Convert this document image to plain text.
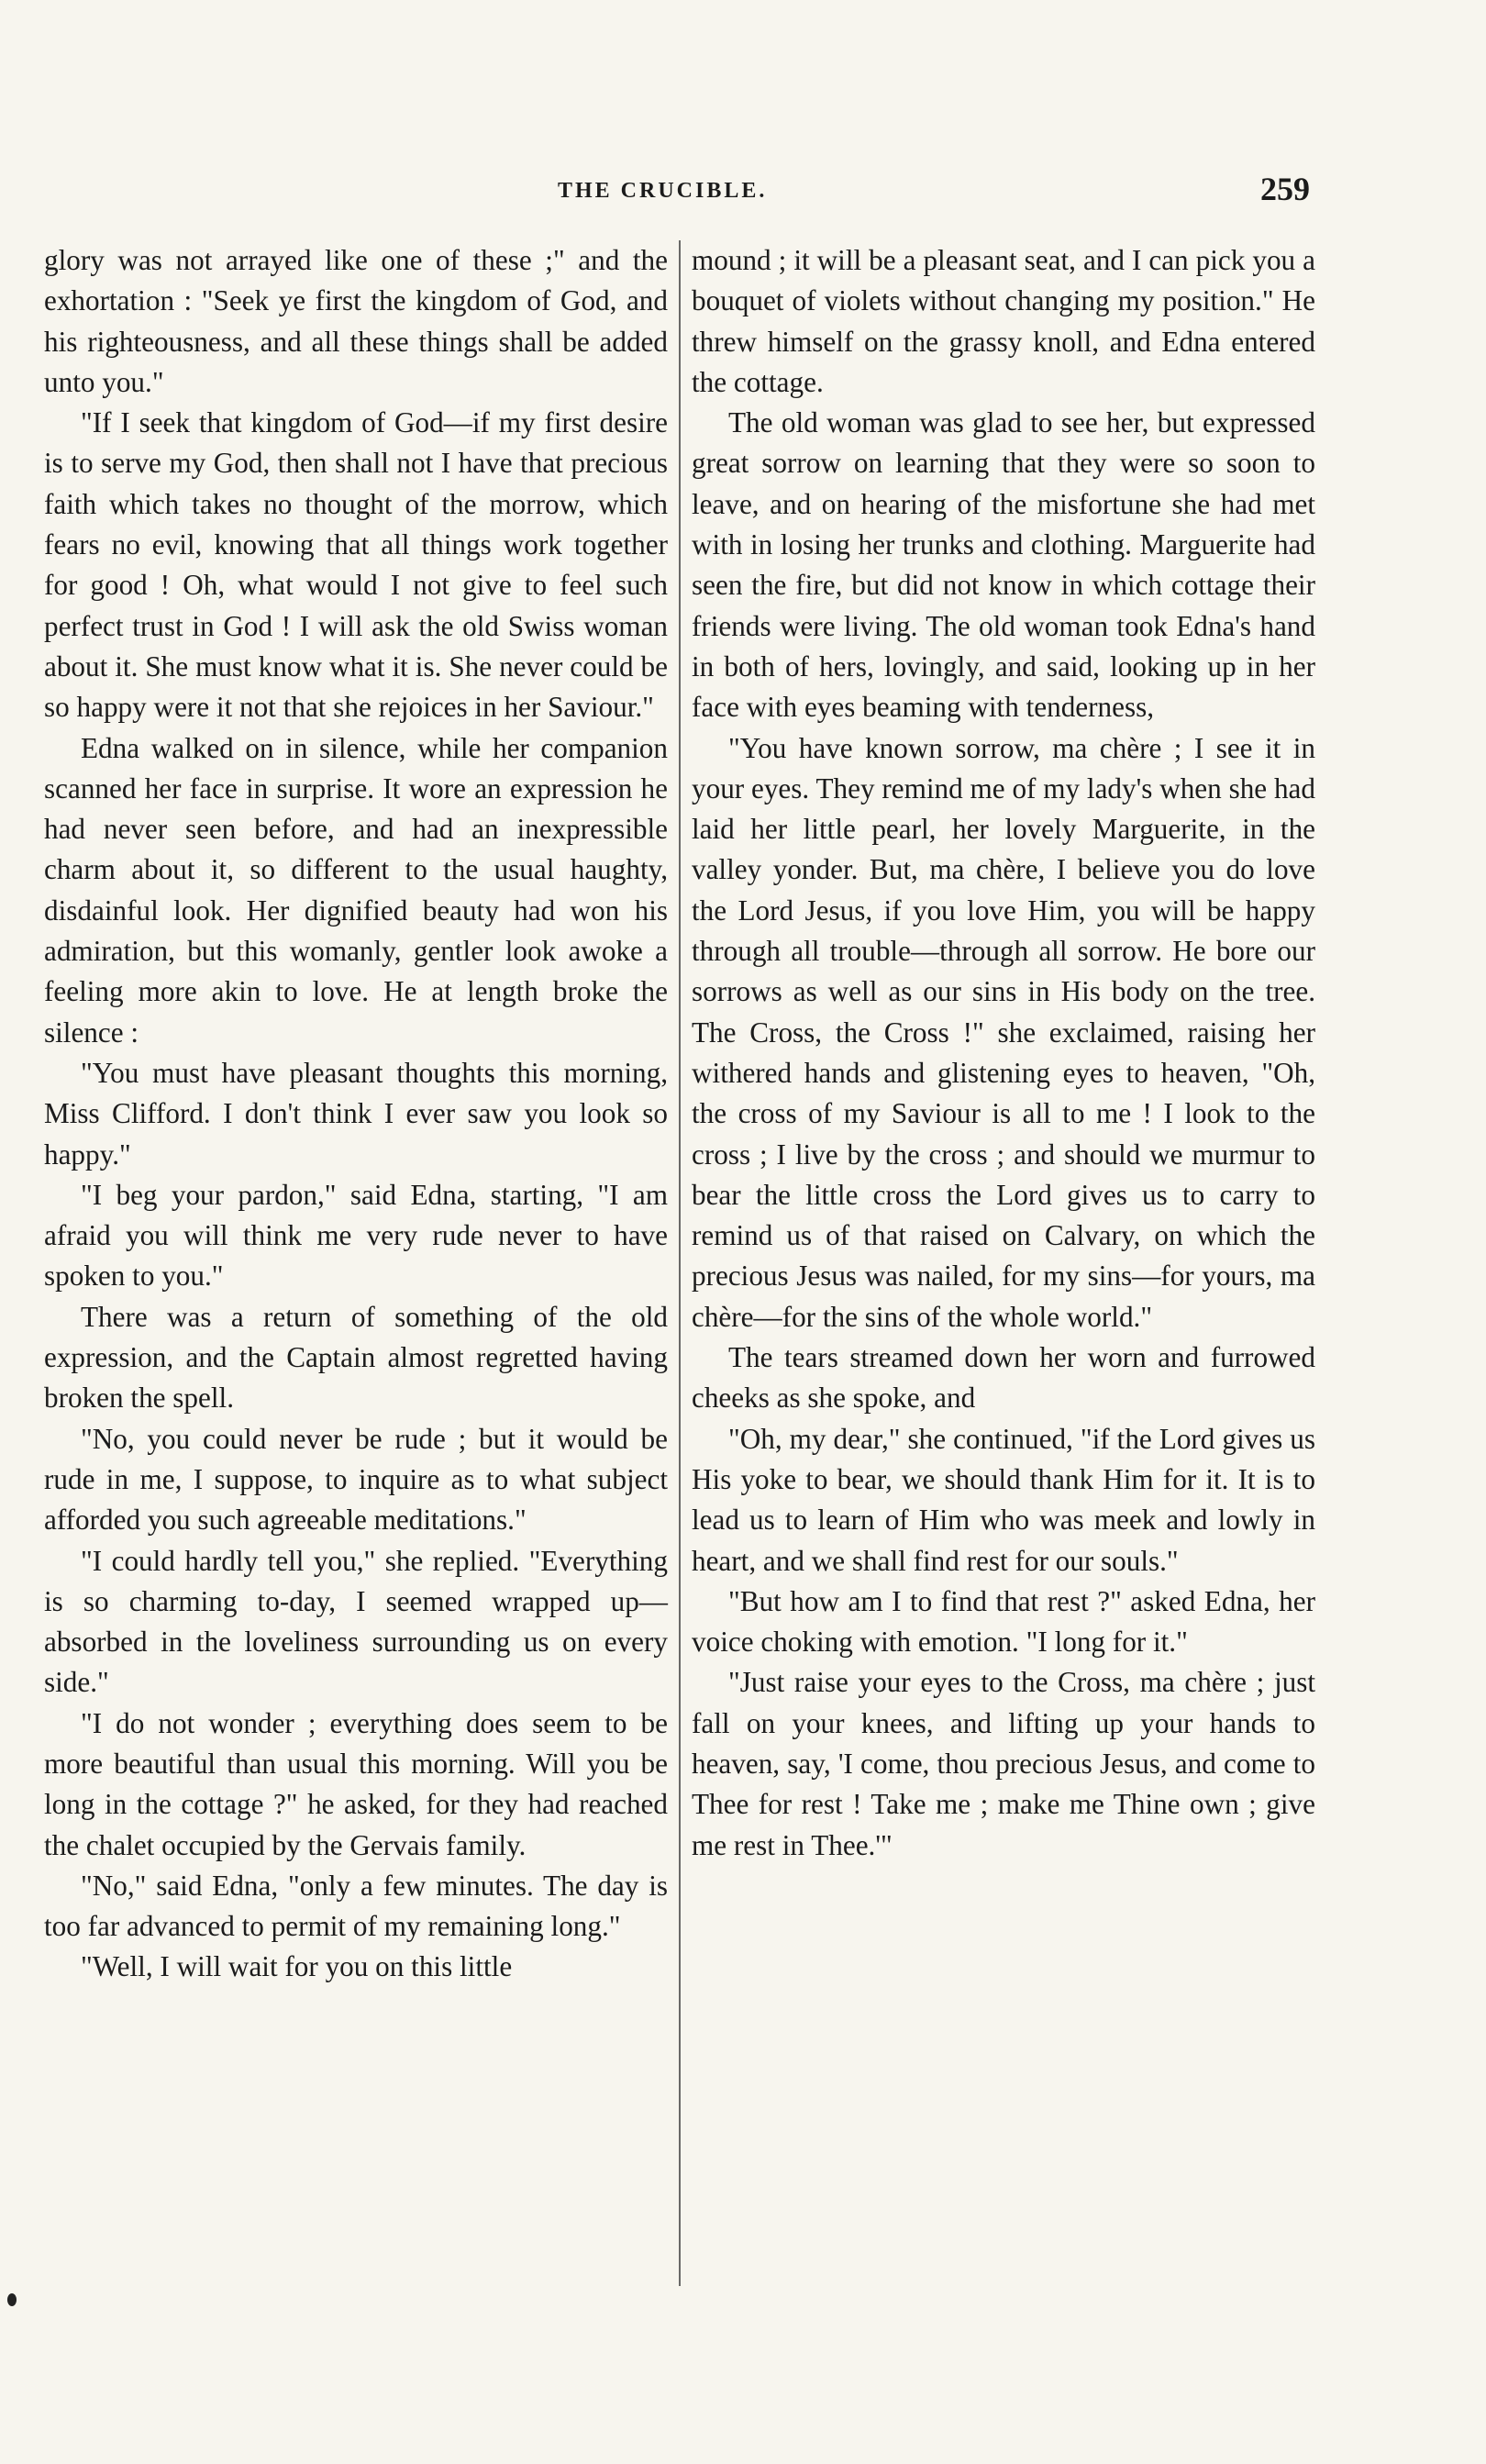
THE CRUCIBLE.	259

glory was not arrayed like one of these ;" and the exhortation : "Seek ye first the kingdom of God, and his righteousness, and all these things shall be added unto you."

"If I seek that kingdom of God—if my first desire is to serve my God, then shall not I have that precious faith which takes no thought of the morrow, which fears no evil, knowing that all things work together for good ! Oh, what would I not give to feel such perfect trust in God ! I will ask the old Swiss woman about it. She must know what it is. She never could be so happy were it not that she rejoices in her Saviour."

Edna walked on in silence, while her companion scanned her face in surprise. It wore an expression he had never seen before, and had an inexpressible charm about it, so different to the usual haughty, disdainful look. Her dignified beauty had won his admiration, but this womanly, gentler look awoke a feeling more akin to love. He at length broke the silence :

"You must have pleasant thoughts this morning, Miss Clifford. I don't think I ever saw you look so happy."

"I beg your pardon," said Edna, starting, "I am afraid you will think me very rude never to have spoken to you."

There was a return of something of the old expression, and the Captain almost regretted having broken the spell.

"No, you could never be rude ; but it would be rude in me, I suppose, to inquire as to what subject afforded you such agreeable meditations."

"I could hardly tell you," she replied. "Everything is so charming to-day, I seemed wrapped up—absorbed in the loveliness surrounding us on every side."

"I do not wonder ; everything does seem to be more beautiful than usual this morning. Will you be long in the cottage ?" he asked, for they had reached the chalet occupied by the Gervais family.

"No," said Edna, "only a few minutes. The day is too far advanced to permit of my remaining long."

"Well, I will wait for you on this little

mound ; it will be a pleasant seat, and I can pick you a bouquet of violets without changing my position." He threw himself on the grassy knoll, and Edna entered the cottage.

The old woman was glad to see her, but expressed great sorrow on learning that they were so soon to leave, and on hearing of the misfortune she had met with in losing her trunks and clothing. Marguerite had seen the fire, but did not know in which cottage their friends were living. The old woman took Edna's hand in both of hers, lovingly, and said, looking up in her face with eyes beaming with tenderness,

"You have known sorrow, ma chère ; I see it in your eyes. They remind me of my lady's when she had laid her little pearl, her lovely Marguerite, in the valley yonder. But, ma chère, I believe you do love the Lord Jesus, if you love Him, you will be happy through all trouble—through all sorrow. He bore our sorrows as well as our sins in His body on the tree. The Cross, the Cross !" she exclaimed, raising her withered hands and glistening eyes to heaven, "Oh, the cross of my Saviour is all to me ! I look to the cross ; I live by the cross ; and should we murmur to bear the little cross the Lord gives us to carry to remind us of that raised on Calvary, on which the precious Jesus was nailed, for my sins—for yours, ma chère—for the sins of the whole world."

The tears streamed down her worn and furrowed cheeks as she spoke, and

"Oh, my dear," she continued, "if the Lord gives us His yoke to bear, we should thank Him for it. It is to lead us to learn of Him who was meek and lowly in heart, and we shall find rest for our souls."

"But how am I to find that rest ?" asked Edna, her voice choking with emotion. "I long for it."

"Just raise your eyes to the Cross, ma chère ; just fall on your knees, and lifting up your hands to heaven, say, 'I come, thou precious Jesus, and come to Thee for rest ! Take me ; make me Thine own ; give me rest in Thee.'"
